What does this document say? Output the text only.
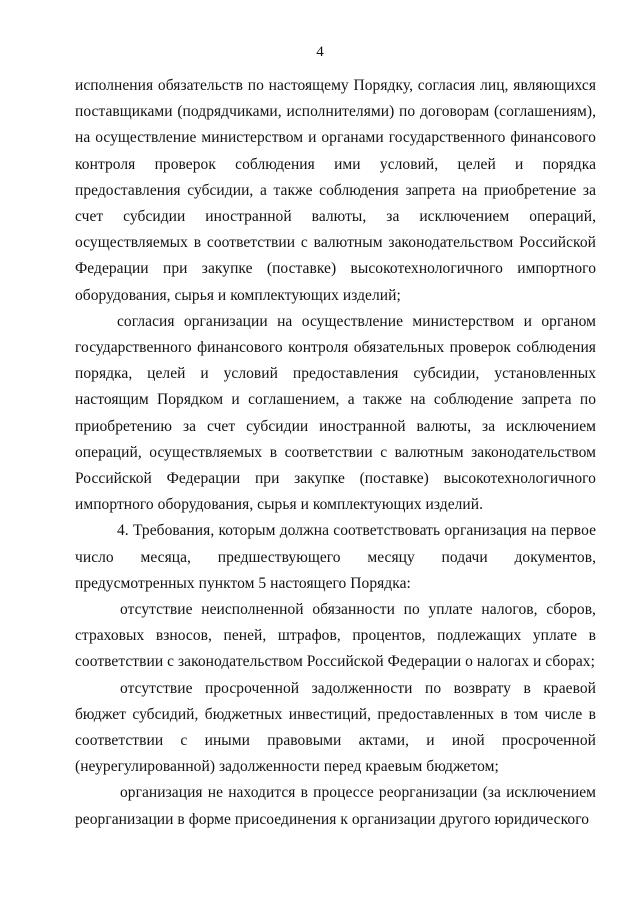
4

исполнения обязательств по настоящему Порядку, согласия лиц, являющихся поставщиками (подрядчиками, исполнителями) по договорам (соглашениям), на осуществление министерством и органами государственного финансового контроля проверок соблюдения ими условий, целей и порядка предоставления субсидии, а также соблюдения запрета на приобретение за счет субсидии иностранной валюты, за исключением операций, осуществляемых в соответствии с валютным законодательством Российской Федерации при закупке (поставке) высокотехнологичного импортного оборудования, сырья и комплектующих изделий;

согласия организации на осуществление министерством и органом государственного финансового контроля обязательных проверок соблюдения порядка, целей и условий предоставления субсидии, установленных настоящим Порядком и соглашением, а также на соблюдение запрета по приобретению за счет субсидии иностранной валюты, за исключением операций, осуществляемых в соответствии с валютным законодательством Российской Федерации при закупке (поставке) высокотехнологичного импортного оборудования, сырья и комплектующих изделий.

4. Требования, которым должна соответствовать организация на первое число месяца, предшествующего месяцу подачи документов, предусмотренных пунктом 5 настоящего Порядка:

отсутствие неисполненной обязанности по уплате налогов, сборов, страховых взносов, пеней, штрафов, процентов, подлежащих уплате в соответствии с законодательством Российской Федерации о налогах и сборах;

отсутствие просроченной задолженности по возврату в краевой бюджет субсидий, бюджетных инвестиций, предоставленных в том числе в соответствии с иными правовыми актами, и иной просроченной (неурегулированной) задолженности перед краевым бюджетом;

организация не находится в процессе реорганизации (за исключением реорганизации в форме присоединения к организации другого юридического
